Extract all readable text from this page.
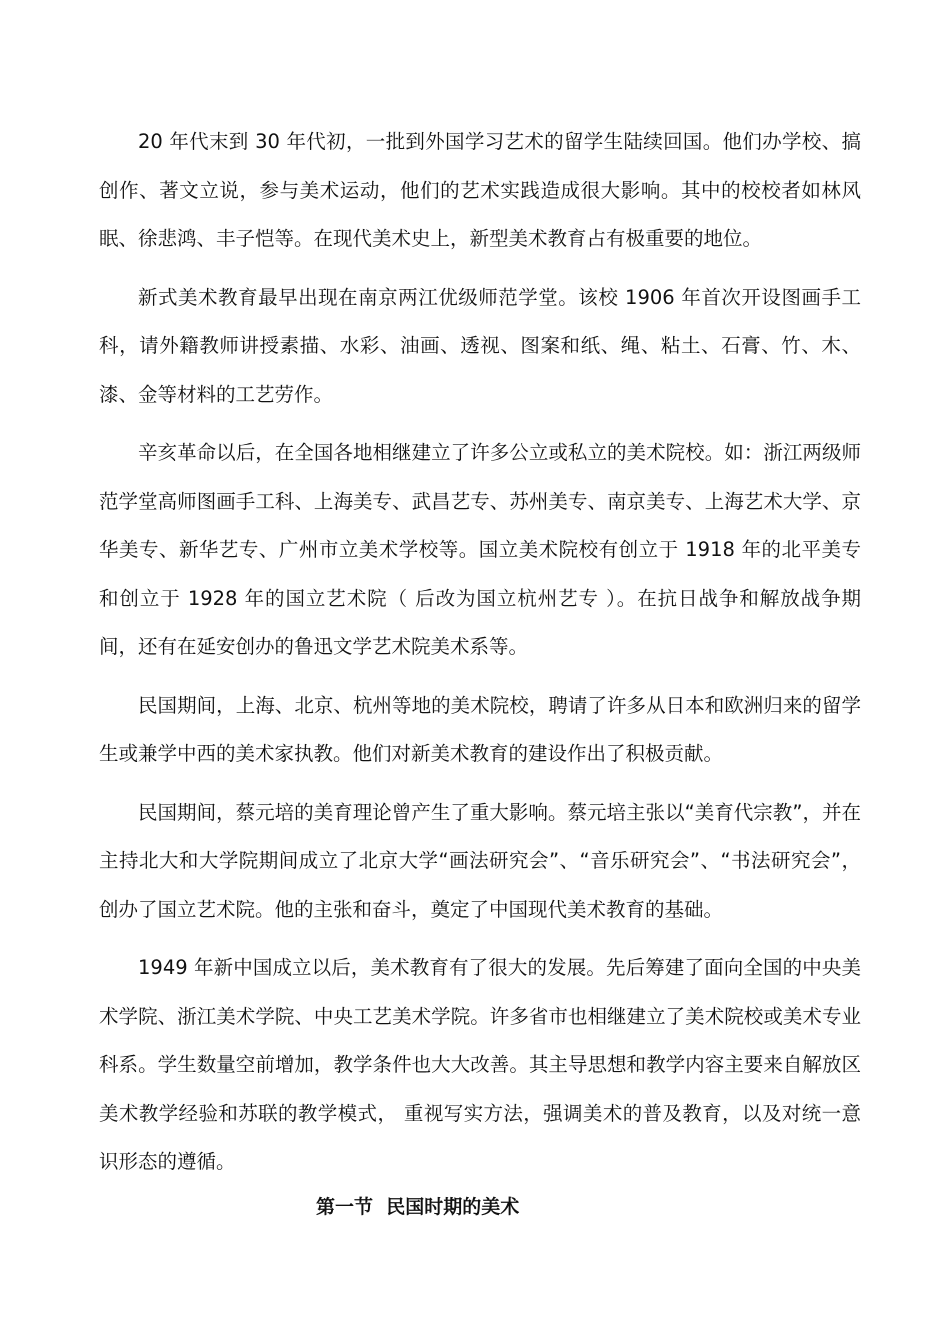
20 年代末到 30 年代初，一批到外国学习艺术的留学生陆续回国。他们办学校、搞创作、著文立说，参与美术运动，他们的艺术实践造成很大影响。其中的校校者如林风眠、徐悲鸿、丰子恺等。在现代美术史上，新型美术教育占有极重要的地位。

新式美术教育最早出现在南京两江优级师范学堂。该校 1906 年首次开设图画手工科，请外籍教师讲授素描、水彩、油画、透视、图案和纸、绳、粘土、石膏、竹、木、漆、金等材料的工艺劳作。

辛亥革命以后，在全国各地相继建立了许多公立或私立的美术院校。如：浙江两级师范学堂高师图画手工科、上海美专、武昌艺专、苏州美专、南京美专、上海艺术大学、京华美专、新华艺专、广州市立美术学校等。国立美术院校有创立于 1918 年的北平美专和创立于 1928 年的国立艺术院（ 后改为国立杭州艺专 ）。在抗日战争和解放战争期间，还有在延安创办的鲁迅文学艺术院美术系等。

民国期间，上海、北京、杭州等地的美术院校，聘请了许多从日本和欧洲归来的留学生或兼学中西的美术家执教。他们对新美术教育的建设作出了积极贡献。

民国期间，蔡元培的美育理论曾产生了重大影响。蔡元培主张以“美育代宗教”，并在主持北大和大学院期间成立了北京大学“画法研究会”、“音乐研究会”、“书法研究会”，创办了国立艺术院。他的主张和奋斗，奠定了中国现代美术教育的基础。

1949 年新中国成立以后，美术教育有了很大的发展。先后筹建了面向全国的中央美术学院、浙江美术学院、中央工艺美术学院。许多省市也相继建立了美术院校或美术专业科系。学生数量空前增加，教学条件也大大改善。其主导思想和教学内容主要来自解放区美术教学经验和苏联的教学模式， 重视写实方法，强调美术的普及教育，以及对统一意识形态的遵循。

第一节  民国时期的美术
